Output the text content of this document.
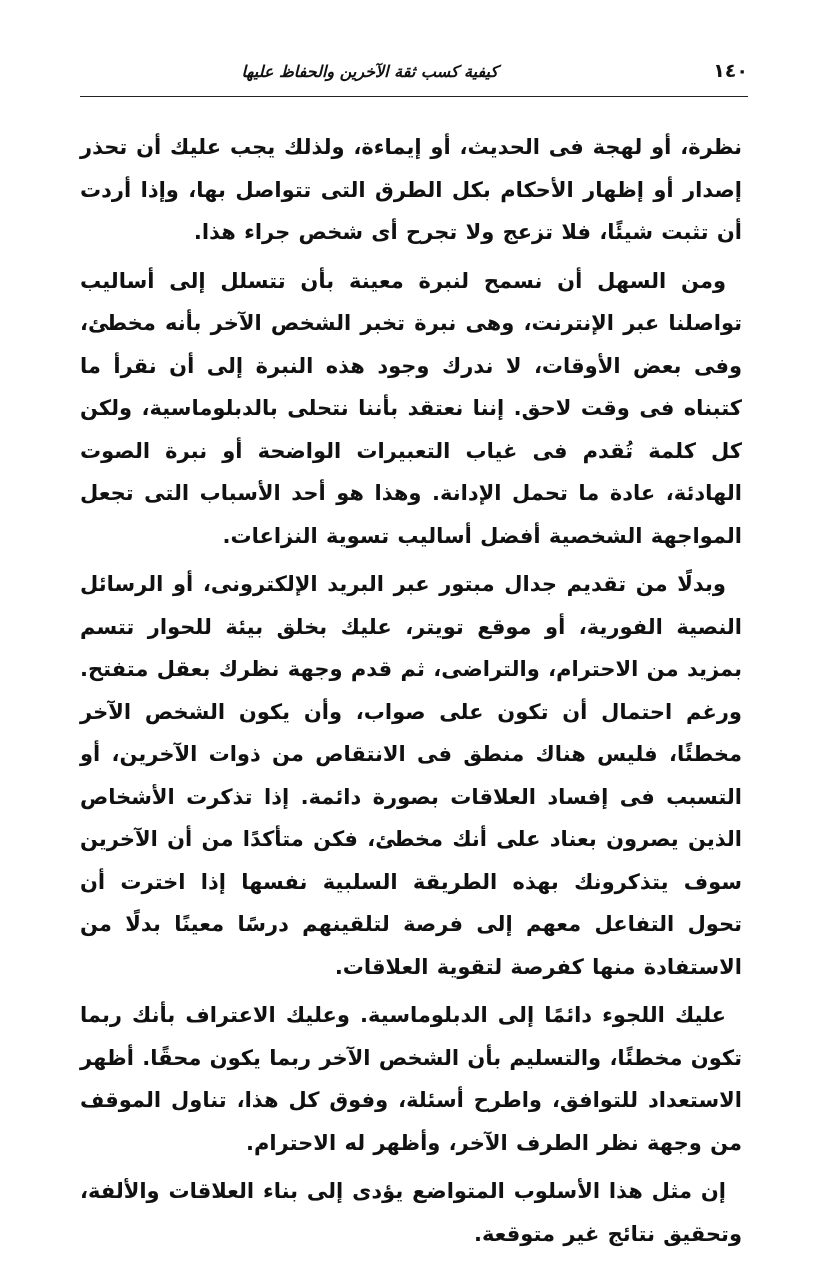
١٤٠
كيفية كسب ثقة الآخرين والحفاظ عليها

نظرة، أو لهجة فى الحديث، أو إيماءة، ولذلك يجب عليك أن تحذر إصدار أو إظهار الأحكام بكل الطرق التى تتواصل بها، وإذا أردت أن تثبت شيئًا، فلا تزعج ولا تجرح أى شخص جراء هذا.

ومن السهل أن نسمح لنبرة معينة بأن تتسلل إلى أساليب تواصلنا عبر الإنترنت، وهى نبرة تخبر الشخص الآخر بأنه مخطئ، وفى بعض الأوقات، لا ندرك وجود هذه النبرة إلى أن نقرأ ما كتبناه فى وقت لاحق. إننا نعتقد بأننا نتحلى بالدبلوماسية، ولكن كل كلمة تُقدم فى غياب التعبيرات الواضحة أو نبرة الصوت الهادئة، عادة ما تحمل الإدانة. وهذا هو أحد الأسباب التى تجعل المواجهة الشخصية أفضل أساليب تسوية النزاعات.

وبدلًا من تقديم جدال مبتور عبر البريد الإلكترونى، أو الرسائل النصية الفورية، أو موقع تويتر، عليك بخلق بيئة للحوار تتسم بمزيد من الاحترام، والتراضى، ثم قدم وجهة نظرك بعقل متفتح. ورغم احتمال أن تكون على صواب، وأن يكون الشخص الآخر مخطئًا، فليس هناك منطق فى الانتقاص من ذوات الآخرين، أو التسبب فى إفساد العلاقات بصورة دائمة. إذا تذكرت الأشخاص الذين يصرون بعناد على أنك مخطئ، فكن متأكدًا من أن الآخرين سوف يتذكرونك بهذه الطريقة السلبية نفسها إذا اخترت أن تحول التفاعل معهم إلى فرصة لتلقينهم درسًا معينًا بدلًا من الاستفادة منها كفرصة لتقوية العلاقات.

عليك اللجوء دائمًا إلى الدبلوماسية. وعليك الاعتراف بأنك ربما تكون مخطئًا، والتسليم بأن الشخص الآخر ربما يكون محقًا. أظهر الاستعداد للتوافق، واطرح أسئلة، وفوق كل هذا، تناول الموقف من وجهة نظر الطرف الآخر، وأظهر له الاحترام.

إن مثل هذا الأسلوب المتواضع يؤدى إلى بناء العلاقات والألفة، وتحقيق نتائج غير متوقعة.
